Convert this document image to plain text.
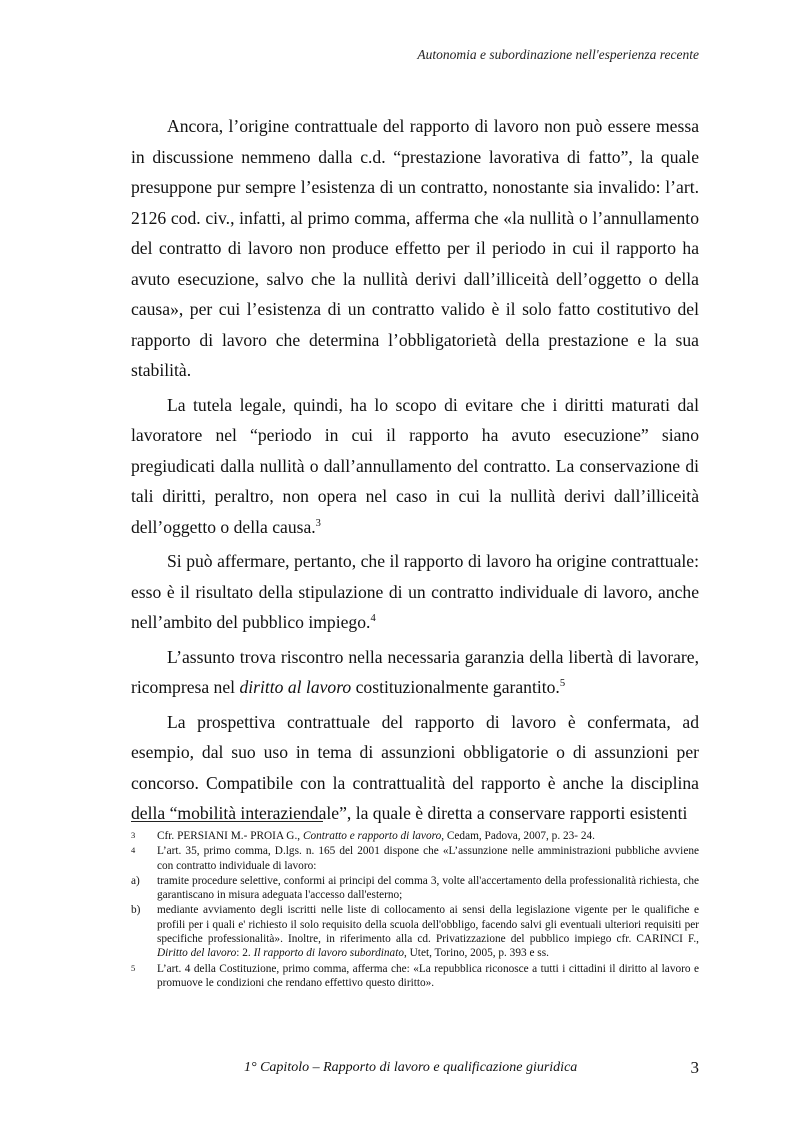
Autonomia e subordinazione nell'esperienza recente

Ancora, l’origine contrattuale del rapporto di lavoro non può essere messa in discussione nemmeno dalla c.d. “prestazione lavorativa di fatto”, la quale presuppone pur sempre l’esistenza di un contratto, nonostante sia invalido: l’art. 2126 cod. civ., infatti, al primo comma, afferma che «la nullità o l’annullamento del contratto di lavoro non produce effetto per il periodo in cui il rapporto ha avuto esecuzione, salvo che la nullità derivi dall’illiceità dell’oggetto o della causa», per cui l’esistenza di un contratto valido è il solo fatto costitutivo del rapporto di lavoro che determina l’obbligatorietà della prestazione e la sua stabilità.

La tutela legale, quindi, ha lo scopo di evitare che i diritti maturati dal lavoratore nel “periodo in cui il rapporto ha avuto esecuzione” siano pregiudicati dalla nullità o dall’annullamento del contratto. La conservazione di tali diritti, peraltro, non opera nel caso in cui la nullità derivi dall’illiceità dell’oggetto o della causa.$^3$

Si può affermare, pertanto, che il rapporto di lavoro ha origine contrattuale: esso è il risultato della stipulazione di un contratto individuale di lavoro, anche nell’ambito del pubblico impiego.$^4$

L’assunto trova riscontro nella necessaria garanzia della libertà di lavorare, ricompresa nel diritto al lavoro costituzionalmente garantito.$^5$

La prospettiva contrattuale del rapporto di lavoro è confermata, ad esempio, dal suo uso in tema di assunzioni obbligatorie o di assunzioni per concorso. Compatibile con la contrattualità del rapporto è anche la disciplina della “mobilità interaziendale”, la quale è diretta a conservare rapporti esistenti

3	Cfr. PERSIANI M.- PROIA G., Contratto e rapporto di lavoro, Cedam, Padova, 2007, p. 23- 24.
4	L’art. 35, primo comma, D.lgs. n. 165 del 2001 dispone che «L’assunzione nelle amministrazioni pubbliche avviene con contratto individuale di lavoro:
a)	tramite procedure selettive, conformi ai principi del comma 3, volte all'accertamento della professionalità richiesta, che garantiscano in misura adeguata l'accesso dall'esterno;
b)	mediante avviamento degli iscritti nelle liste di collocamento ai sensi della legislazione vigente per le qualifiche e profili per i quali e' richiesto il solo requisito della scuola dell'obbligo, facendo salvi gli eventuali ulteriori requisiti per specifiche professionalità». Inoltre, in riferimento alla cd. Privatizzazione del pubblico impiego cfr. CARINCI F., Diritto del lavoro: 2. Il rapporto di lavoro subordinato, Utet, Torino, 2005, p. 393 e ss.
5	L’art. 4 della Costituzione, primo comma, afferma che: «La repubblica riconosce a tutti i cittadini il diritto al lavoro e promuove le condizioni che rendano effettivo questo diritto».
1° Capitolo – Rapporto di lavoro e qualificazione giuridica	3
